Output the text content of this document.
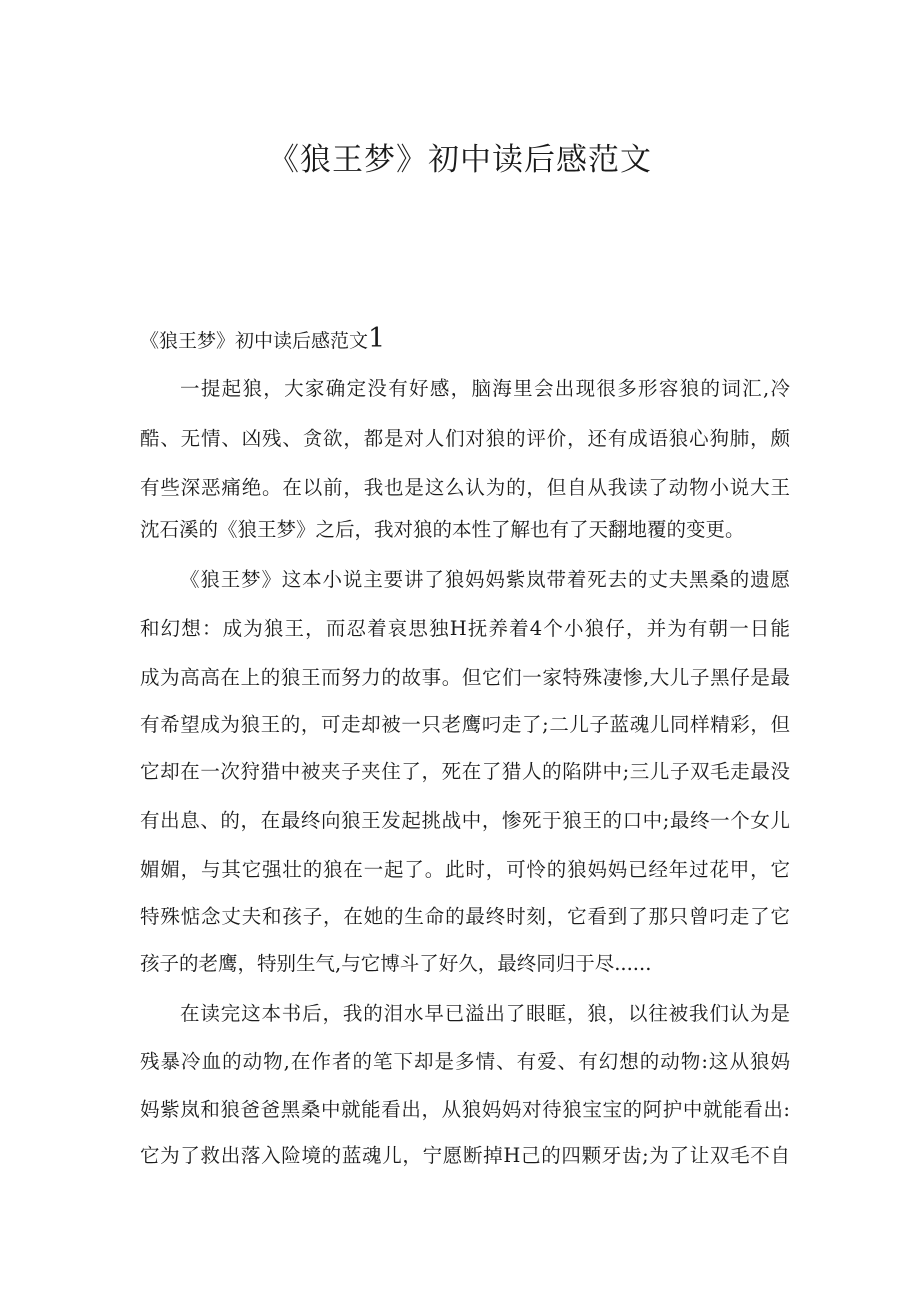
《狼王梦》初中读后感范文
《狼王梦》初中读后感范文1
一提起狼，大家确定没有好感，脑海里会出现很多形容狼的词汇,冷
酷、无情、凶残、贪欲，都是对人们对狼的评价，还有成语狼心狗肺，颇
有些深恶痛绝。在以前，我也是这么认为的，但自从我读了动物小说大王
沈石溪的《狼王梦》之后，我对狼的本性了解也有了天翻地覆的变更。
《狼王梦》这本小说主要讲了狼妈妈紫岚带着死去的丈夫黑桑的遗愿
和幻想：成为狼王，而忍着哀思独H抚养着4个小狼仔，并为有朝一日能
成为高高在上的狼王而努力的故事。但它们一家特殊凄惨,大儿子黑仔是最
有希望成为狼王的，可走却被一只老鹰叼走了;二儿子蓝魂儿同样精彩，但
它却在一次狩猎中被夹子夹住了，死在了猎人的陷阱中;三儿子双毛走最没
有出息、的，在最终向狼王发起挑战中，惨死于狼王的口中;最终一个女儿
媚媚，与其它强壮的狼在一起了。此时，可怜的狼妈妈已经年过花甲，它
特殊惦念丈夫和孩子，在她的生命的最终时刻，它看到了那只曾叼走了它
孩子的老鹰，特别生气,与它博斗了好久，最终同归于尽......
在读完这本书后，我的泪水早已溢出了眼眶，狼，以往被我们认为是
残暴冷血的动物,在作者的笔下却是多情、有爱、有幻想的动物:这从狼妈
妈紫岚和狼爸爸黑桑中就能看出，从狼妈妈对待狼宝宝的阿护中就能看出:
它为了救出落入险境的蓝魂儿，宁愿断掉H己的四颗牙齿;为了让双毛不自
